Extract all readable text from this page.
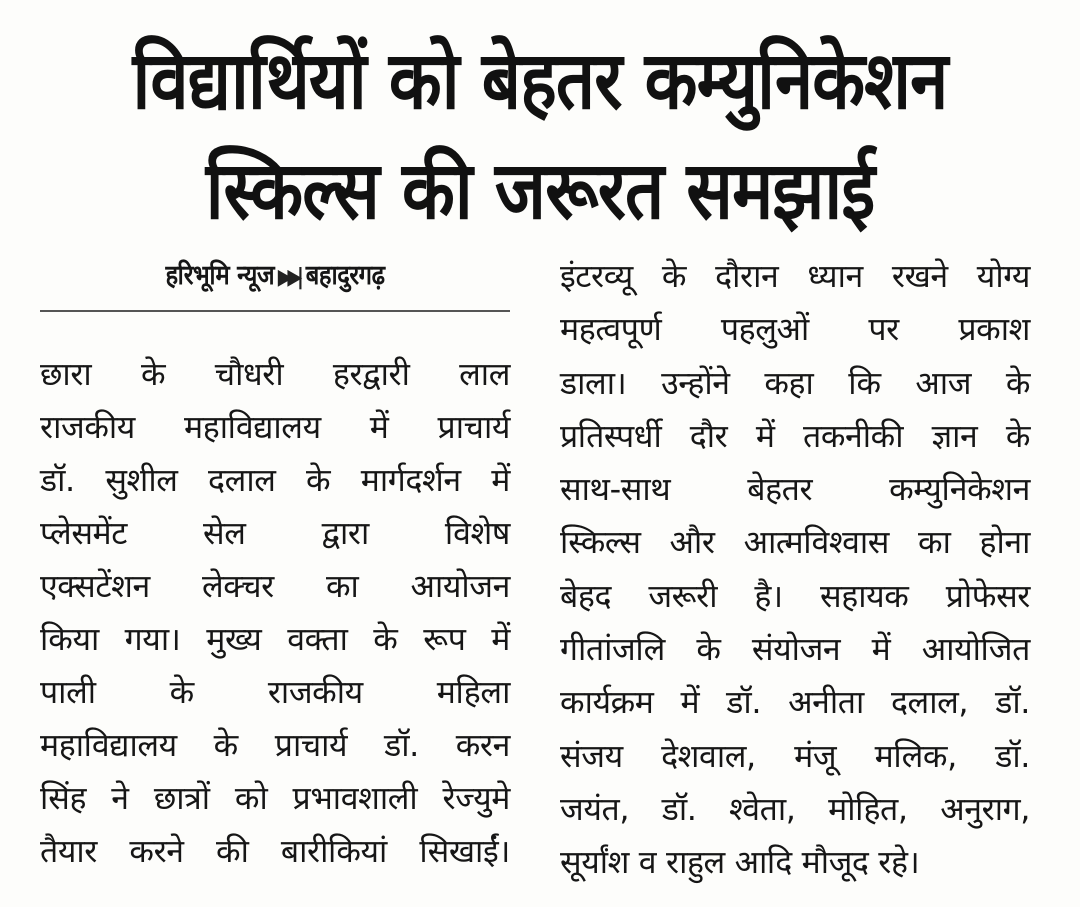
विद्यार्थियों को बेहतर कम्युनिकेशन
स्किल्स की जरूरत समझाई
हरिभूमि न्यूज ▶▶| बहादुरगढ़
छारा के चौधरी हरद्वारी लाल
राजकीय महाविद्यालय में प्राचार्य
डॉ. सुशील दलाल के मार्गदर्शन में
प्लेसमेंट सेल द्वारा विशेष
एक्सटेंशन लेक्चर का आयोजन
किया गया। मुख्य वक्ता के रूप में
पाली के राजकीय महिला
महाविद्यालय के प्राचार्य डॉ. करन
सिंह ने छात्रों को प्रभावशाली रेज्युमे
तैयार करने की बारीकियां सिखाईं।
इंटरव्यू के दौरान ध्यान रखने योग्य
महत्वपूर्ण पहलुओं पर प्रकाश
डाला। उन्होंने कहा कि आज के
प्रतिस्पर्धी दौर में तकनीकी ज्ञान के
साथ-साथ बेहतर कम्युनिकेशन
स्किल्स और आत्मविश्वास का होना
बेहद जरूरी है। सहायक प्रोफेसर
गीतांजलि के संयोजन में आयोजित
कार्यक्रम में डॉ. अनीता दलाल, डॉ.
संजय देशवाल, मंजू मलिक, डॉ.
जयंत, डॉ. श्वेता, मोहित, अनुराग,
सूर्यांश व राहुल आदि मौजूद रहे।
